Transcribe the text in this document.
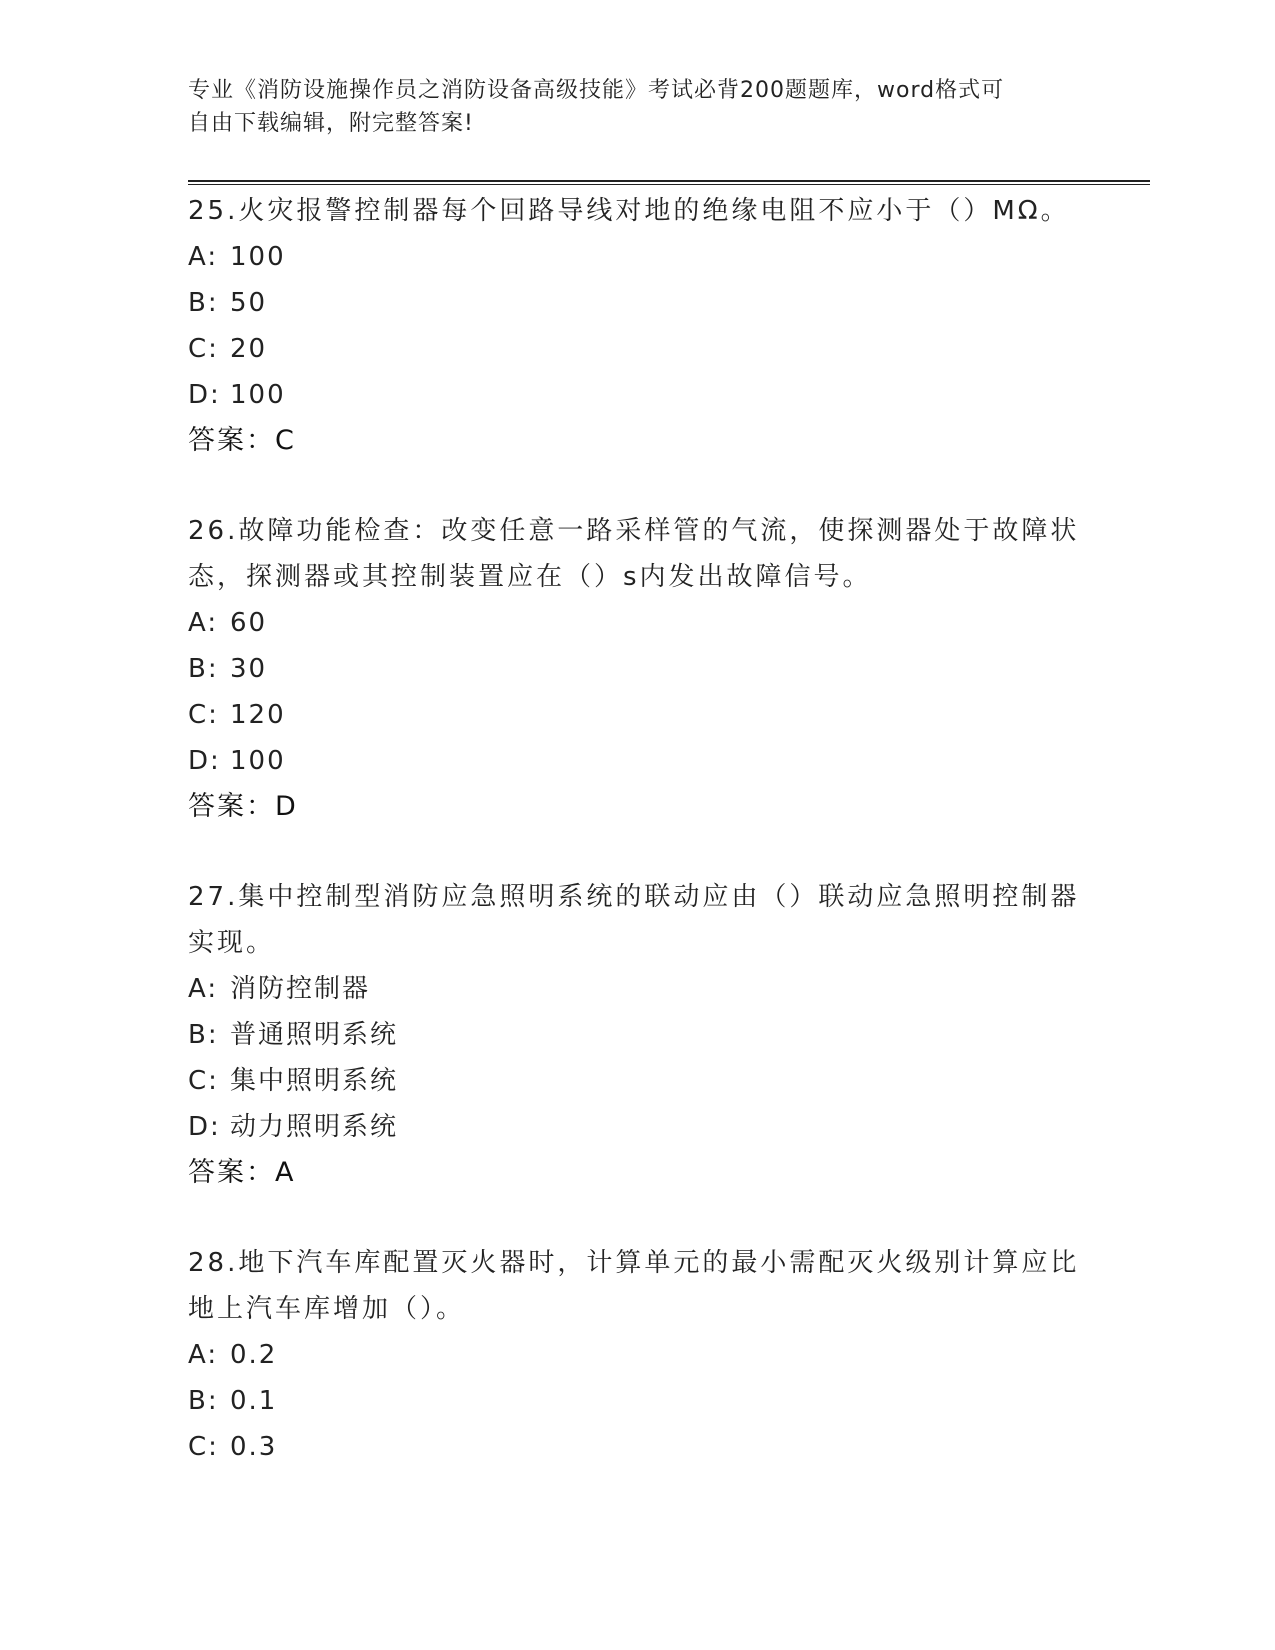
专业《消防设施操作员之消防设备高级技能》考试必背200题题库，word格式可
自由下载编辑，附完整答案!

25.火灾报警控制器每个回路导线对地的绝缘电阻不应小于（）MΩ。

A: 100

B: 50

C: 20

D: 100

答案：C

26.故障功能检查：改变任意一路采样管的气流，使探测器处于故障状

态，探测器或其控制装置应在（）s内发出故障信号。

A: 60

B: 30

C: 120

D: 100

答案：D

27.集中控制型消防应急照明系统的联动应由（）联动应急照明控制器

实现。

A: 消防控制器

B: 普通照明系统

C: 集中照明系统

D: 动力照明系统

答案：A

28.地下汽车库配置灭火器时，计算单元的最小需配灭火级别计算应比

地上汽车库增加（）。

A: 0.2

B: 0.1

C: 0.3
